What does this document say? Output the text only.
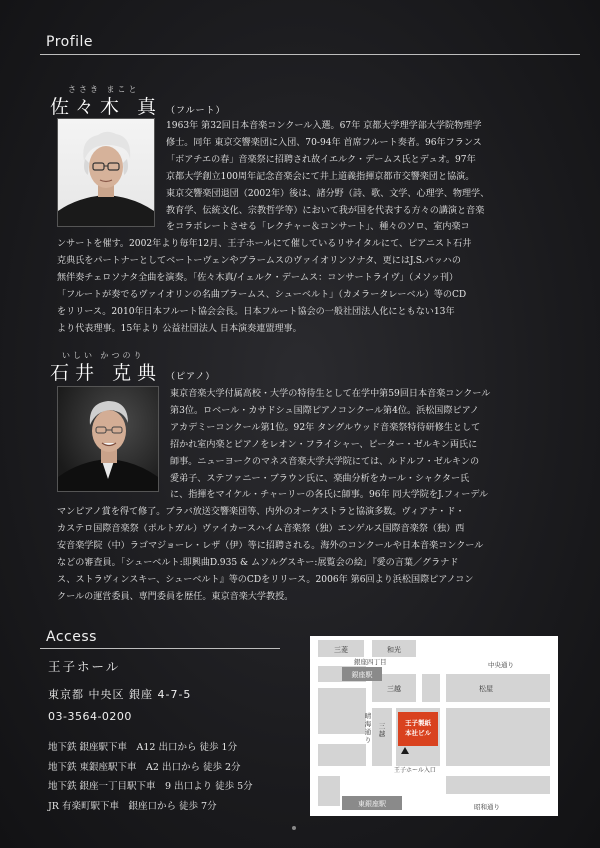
Profile
ささき まこと
佐々木 真 （フルート）
1963年 第32回日本音楽コンクール入選。67年 京都大学理学部大学院物理学
修士。同年 東京交響楽団に入団、70-94年 首席フルート奏者。96年フランス
「ボアチエの春」音楽祭に招聘され故イエルク・デームス氏とデュオ。97年
京都大学創立100周年記念音楽会にて井上道義指揮京都市交響楽団と協演。
東京交響楽団退団（2002年）後は、諸分野（詩、歌、文学、心理学、物理学、
教育学、伝統文化、宗教哲学等）において我が国を代表する方々の講演と音楽
をコラボレートさせる「レクチャー＆コンサート」、種々のソロ、室内楽コ
ンサートを催す。2002年より毎年12月、王子ホールにて催しているリサイタルにて、ピアニスト石井
克典氏をパートナーとしてベートーヴェンやブラームスのヴァイオリンソナタ、更にはJ.S.バッハの
無伴奏チェロソナタ全曲を演奏。「佐々木真/イェルク・デームス：コンサートライヴ」（メソッ刊）
「フルートが奏でるヴァイオリンの名曲ブラームス、シューベルト」（カメラータレーベル）等のCD
をリリース。2010年日本フルート協会会長。日本フルート協会の一般社団法人化にともない13年
より代表理事。15年より 公益社団法人 日本演奏連盟理事。
いしい かつのり
石井 克典 （ピアノ）
東京音楽大学付属高校・大学の特待生として在学中第59回日本音楽コンクール
第3位。ロベール・カサドシュ国際ピアノコンクール第4位。浜松国際ピアノ
アカデミーコンクール第1位。92年 タングルウッド音楽祭特待研修生として
招かれ室内楽とピアノをレオン・フライシャー、ピーター・ゼルキン両氏に
師事。ニューヨークのマネス音楽大学大学院にては、ルドルフ・ゼルキンの
愛弟子、ステファニー・ブラウン氏に、楽曲分析をカール・シャクター氏
に、指揮をマイケル・チャーリーの各氏に師事。96年 同大学院をJ.フィーデル
マンピアノ賞を得て修了。ブラバ放送交響楽団等、内外のオーケストラと協演多数。ヴィアナ・ド・
カステロ国際音楽祭（ポルトガル）ヴァイカースハイム音楽祭（独）エンゲルス国際音楽祭（独）西
安音楽学院（中）ラゴマジョーレ・レザ（伊）等に招聘される。海外のコンクールや日本音楽コンクール
などの審査員。「シューベルト:即興曲D.935 & ムソルグスキー:展覧会の絵」『愛の言葉／グラナド
ス、ストラヴィンスキー、シューベルト』等のCDをリリース。2006年 第6回より浜松国際ピアノコン
クールの運営委員、専門委員を歴任。東京音楽大学教授。
Access
王子ホール
東京都 中央区 銀座 4-7-5
03-3564-0200
地下鉄 銀座駅下車　A12 出口から 徒歩 1分
地下鉄 東銀座駅下車　A2 出口から 徒歩 2分
地下鉄 銀座一丁目駅下車　9 出口より 徒歩 5分
JR 有楽町駅下車　銀座口から 徒歩 7分
三菱	和光
銀座四丁目	中央通り
銀座駅
三越	松屋
王子製紙
本社ビル
晴
海
通
り
三
越
王子ホール入口
東銀座駅	昭和通り
